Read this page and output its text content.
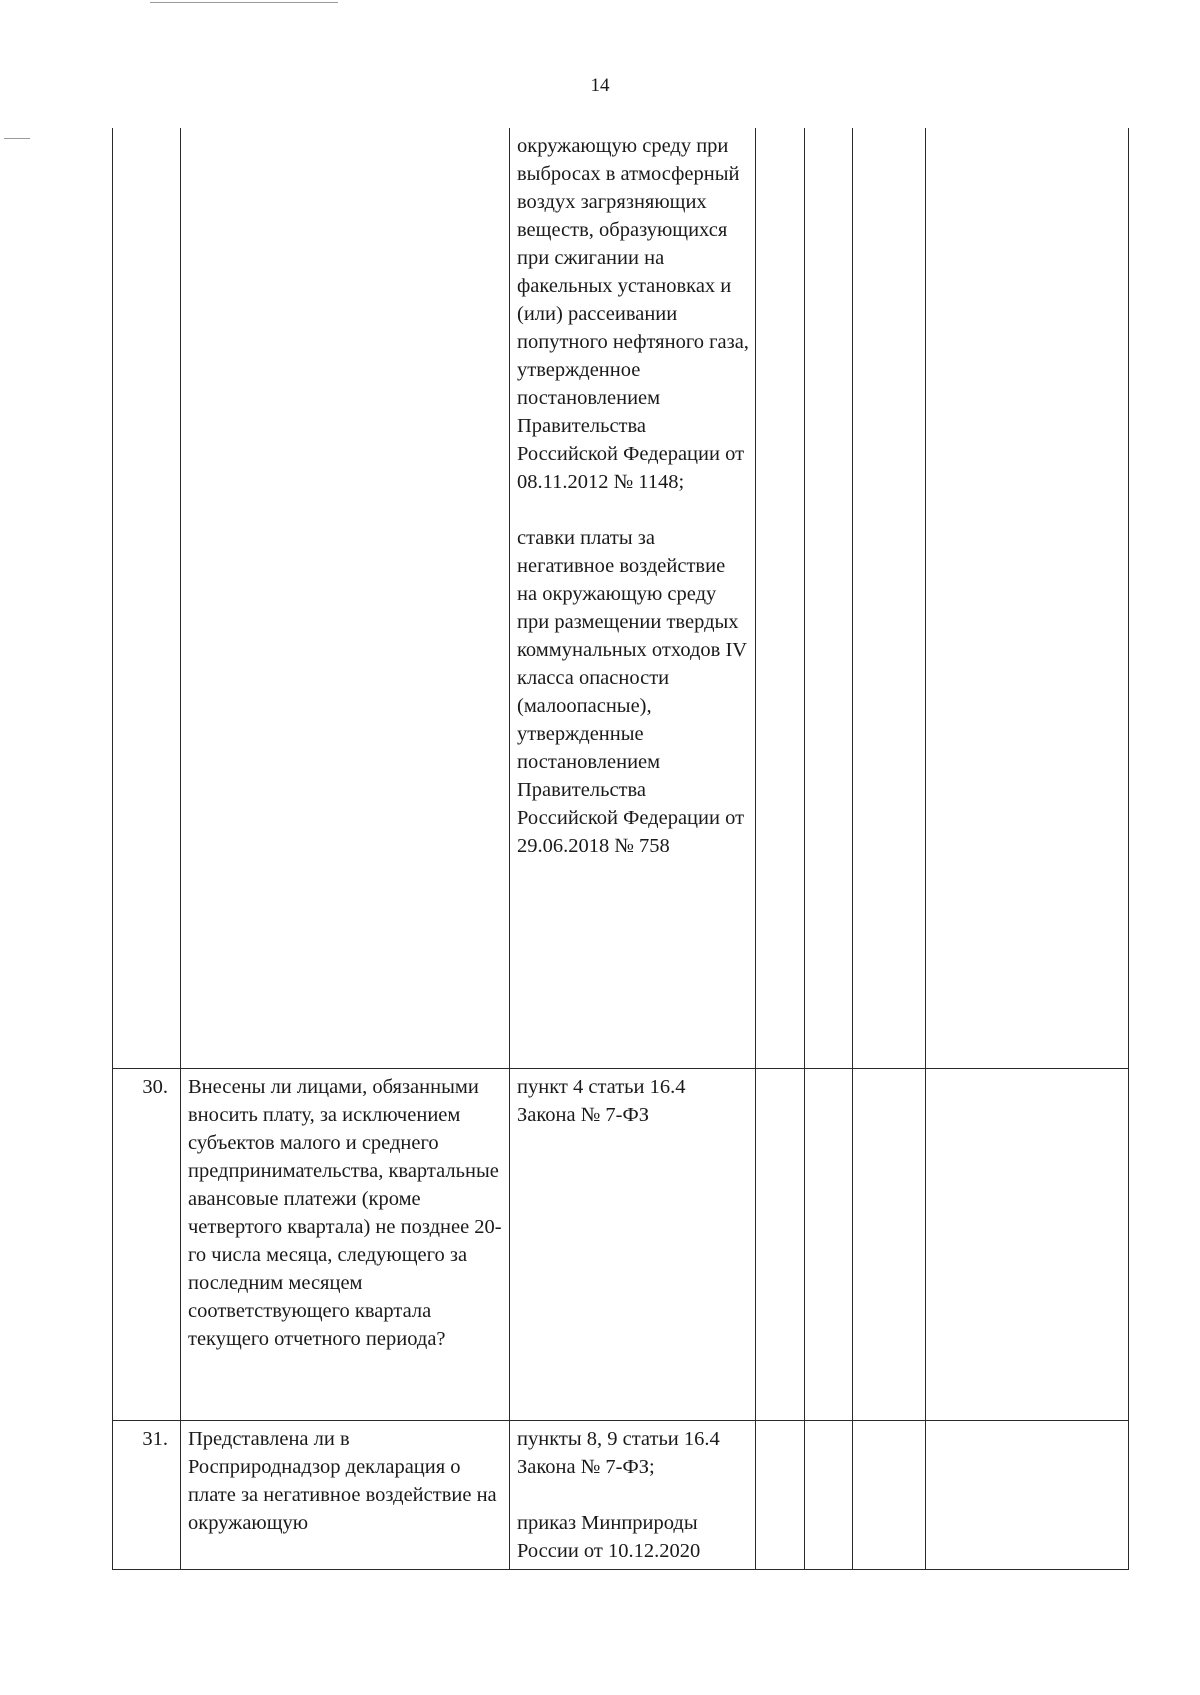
14

		окружающую среду при выбросах в атмосферный воздух загрязняющих веществ, образующихся при сжигании на факельных установках и (или) рассеивании попутного нефтяного газа, утвержденное постановлением Правительства Российской Федерации от 08.11.2012 № 1148;

ставки платы за негативное воздействие на окружающую среду при размещении твердых коммунальных отходов IV класса опасности (малоопасные), утвержденные постановлением Правительства Российской Федерации от 29.06.2018 № 758				

30.	Внесены ли лицами, обязанными вносить плату, за исключением субъектов малого и среднего предпринимательства, квартальные авансовые платежи (кроме четвертого квартала) не позднее 20-го числа месяца, следующего за последним месяцем соответствующего квартала текущего отчетного периода?	пункт 4 статьи 16.4 Закона № 7-ФЗ				

31.	Представлена ли в Росприроднадзор декларация о плате за негативное воздействие на окружающую	пункты 8, 9 статьи 16.4 Закона № 7-ФЗ;

приказ Минприроды России от 10.12.2020				
